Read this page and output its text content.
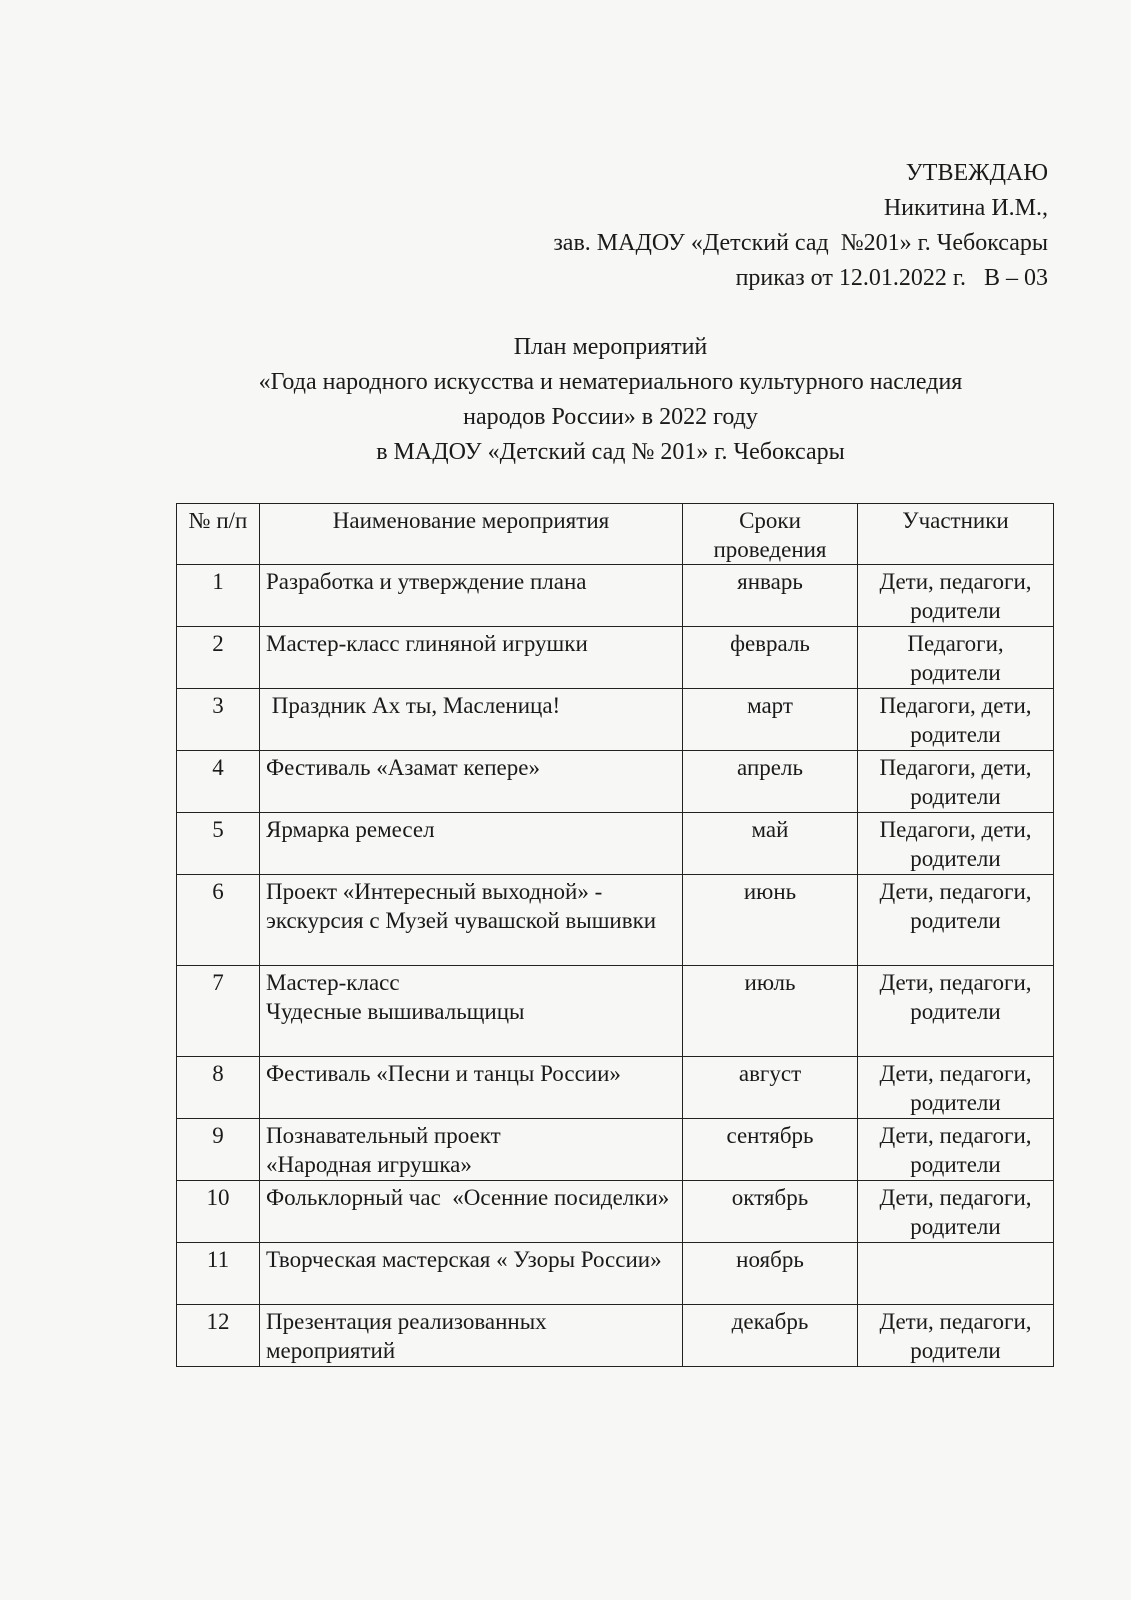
УТВЕЖДАЮ
Никитина И.М.,
зав. МАДОУ «Детский сад  №201» г. Чебоксары
приказ от 12.01.2022 г.   В – 03
План мероприятий
«Года народного искусства и нематериального культурного наследия
народов России» в 2022 году
в МАДОУ «Детский сад № 201» г. Чебоксары
№ п/п	Наименование мероприятия	Сроки проведения	Участники

1	Разработка и утверждение плана	январь	Дети, педагоги, родители

2	Мастер-класс глиняной игрушки	февраль	Педагоги, родители

3	Праздник Ах ты, Масленица!	март	Педагоги, дети, родители

4	Фестиваль «Азамат кепере»	апрель	Педагоги, дети, родители

5	Ярмарка ремесел	май	Педагоги, дети, родители

6	Проект «Интересный выходной» - экскурсия с Музей чувашской вышивки	июнь	Дети, педагоги, родители

7	Мастер-класс
Чудесные вышивальщицы	июль	Дети, педагоги, родители

8	Фестиваль «Песни и танцы России»	август	Дети, педагоги, родители

9	Познавательный проект
«Народная игрушка»	сентябрь	Дети, педагоги, родители

10	Фольклорный час  «Осенние посиделки»	октябрь	Дети, педагоги, родители

11	Творческая мастерская « Узоры России»	ноябрь	

12	Презентация реализованных мероприятий	декабрь	Дети, педагоги, родители
